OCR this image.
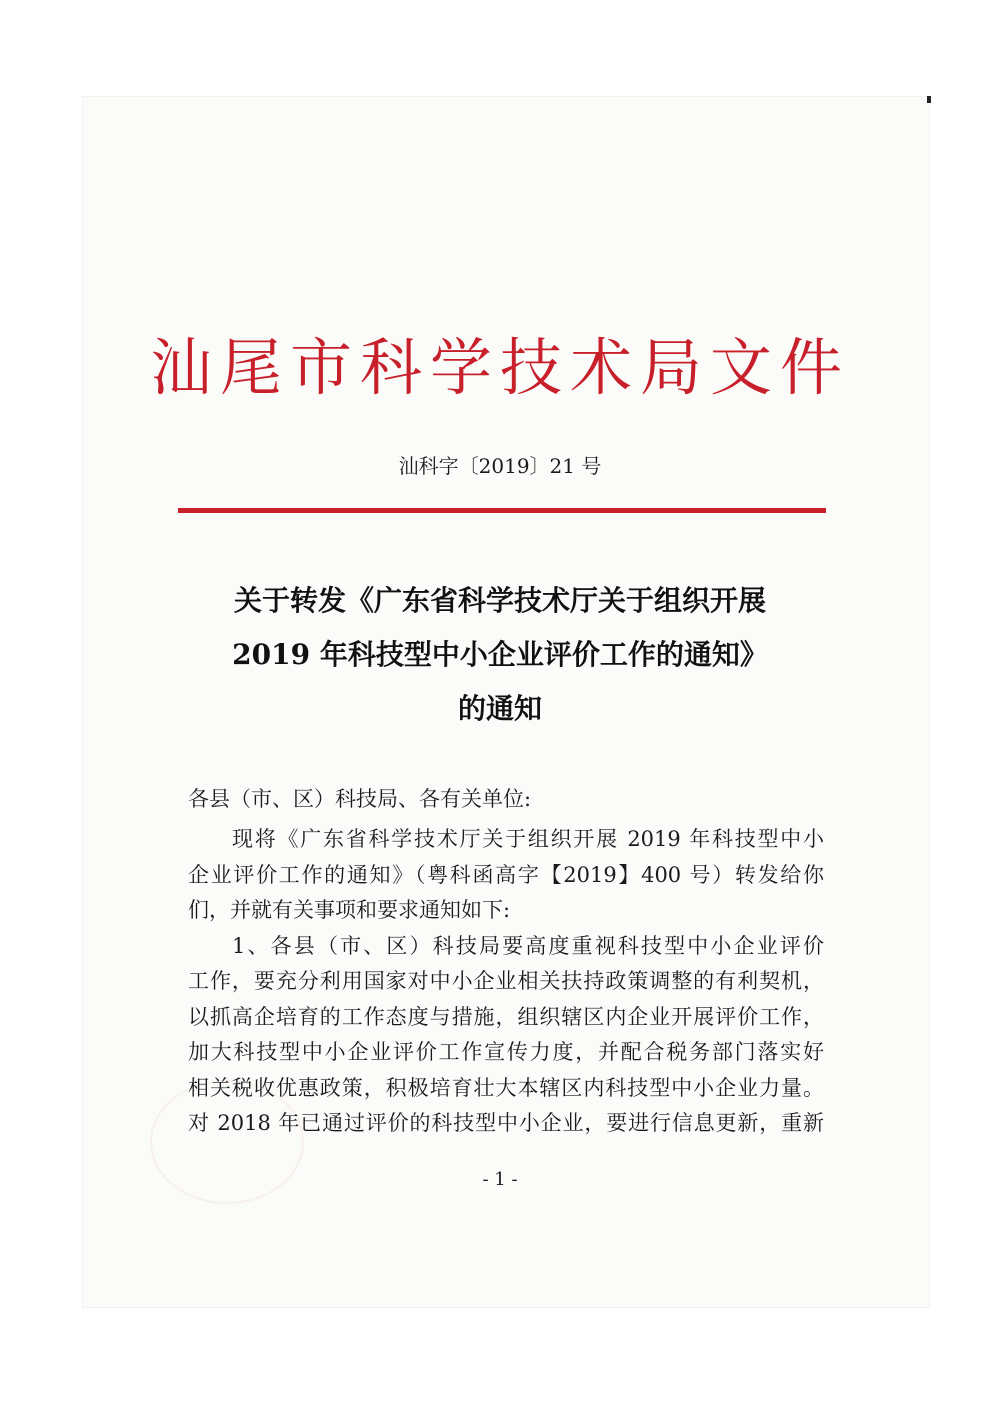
汕尾市科学技术局文件
汕科字〔2019〕21 号
关于转发《广东省科学技术厅关于组织开展
2019 年科技型中小企业评价工作的通知》
的通知
各县（市、区）科技局、各有关单位:
现将《广东省科学技术厅关于组织开展 2019 年科技型中小
企业评价工作的通知》（粤科函高字【2019】400 号）转发给你
们，并就有关事项和要求通知如下:
1、各县（市、区）科技局要高度重视科技型中小企业评价
工作，要充分利用国家对中小企业相关扶持政策调整的有利契机，
以抓高企培育的工作态度与措施，组织辖区内企业开展评价工作，
加大科技型中小企业评价工作宣传力度，并配合税务部门落实好
相关税收优惠政策，积极培育壮大本辖区内科技型中小企业力量。
对 2018 年已通过评价的科技型中小企业，要进行信息更新，重新
- 1 -
